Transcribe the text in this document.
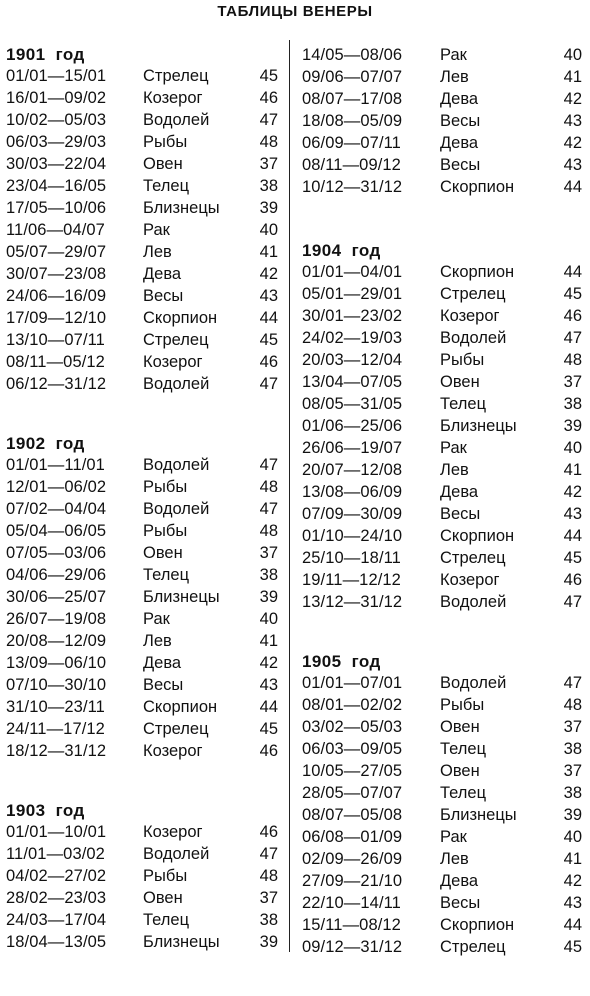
ТАБЛИЦЫ ВЕНЕРЫ
1901  год
01/01—15/01	Стрелец	45
16/01—09/02	Козерог	46
10/02—05/03	Водолей	47
06/03—29/03	Рыбы	48
30/03—22/04	Овен	37
23/04—16/05	Телец	38
17/05—10/06	Близнецы	39
11/06—04/07	Рак	40
05/07—29/07	Лев	41
30/07—23/08	Дева	42
24/06—16/09	Весы	43
17/09—12/10	Скорпион	44
13/10—07/11	Стрелец	45
08/11—05/12	Козерог	46
06/12—31/12	Водолей	47
1902  год
01/01—11/01	Водолей	47
12/01—06/02	Рыбы	48
07/02—04/04	Водолей	47
05/04—06/05	Рыбы	48
07/05—03/06	Овен	37
04/06—29/06	Телец	38
30/06—25/07	Близнецы	39
26/07—19/08	Рак	40
20/08—12/09	Лев	41
13/09—06/10	Дева	42
07/10—30/10	Весы	43
31/10—23/11	Скорпион	44
24/11—17/12	Стрелец	45
18/12—31/12	Козерог	46
1903  год
01/01—10/01	Козерог	46
11/01—03/02	Водолей	47
04/02—27/02	Рыбы	48
28/02—23/03	Овен	37
24/03—17/04	Телец	38
18/04—13/05	Близнецы	39
14/05—08/06	Рак	40
09/06—07/07	Лев	41
08/07—17/08	Дева	42
18/08—05/09	Весы	43
06/09—07/11	Дева	42
08/11—09/12	Весы	43
10/12—31/12	Скорпион	44
1904  год
01/01—04/01	Скорпион	44
05/01—29/01	Стрелец	45
30/01—23/02	Козерог	46
24/02—19/03	Водолей	47
20/03—12/04	Рыбы	48
13/04—07/05	Овен	37
08/05—31/05	Телец	38
01/06—25/06	Близнецы	39
26/06—19/07	Рак	40
20/07—12/08	Лев	41
13/08—06/09	Дева	42
07/09—30/09	Весы	43
01/10—24/10	Скорпион	44
25/10—18/11	Стрелец	45
19/11—12/12	Козерог	46
13/12—31/12	Водолей	47
1905  год
01/01—07/01	Водолей	47
08/01—02/02	Рыбы	48
03/02—05/03	Овен	37
06/03—09/05	Телец	38
10/05—27/05	Овен	37
28/05—07/07	Телец	38
08/07—05/08	Близнецы	39
06/08—01/09	Рак	40
02/09—26/09	Лев	41
27/09—21/10	Дева	42
22/10—14/11	Весы	43
15/11—08/12	Скорпион	44
09/12—31/12	Стрелец	45
